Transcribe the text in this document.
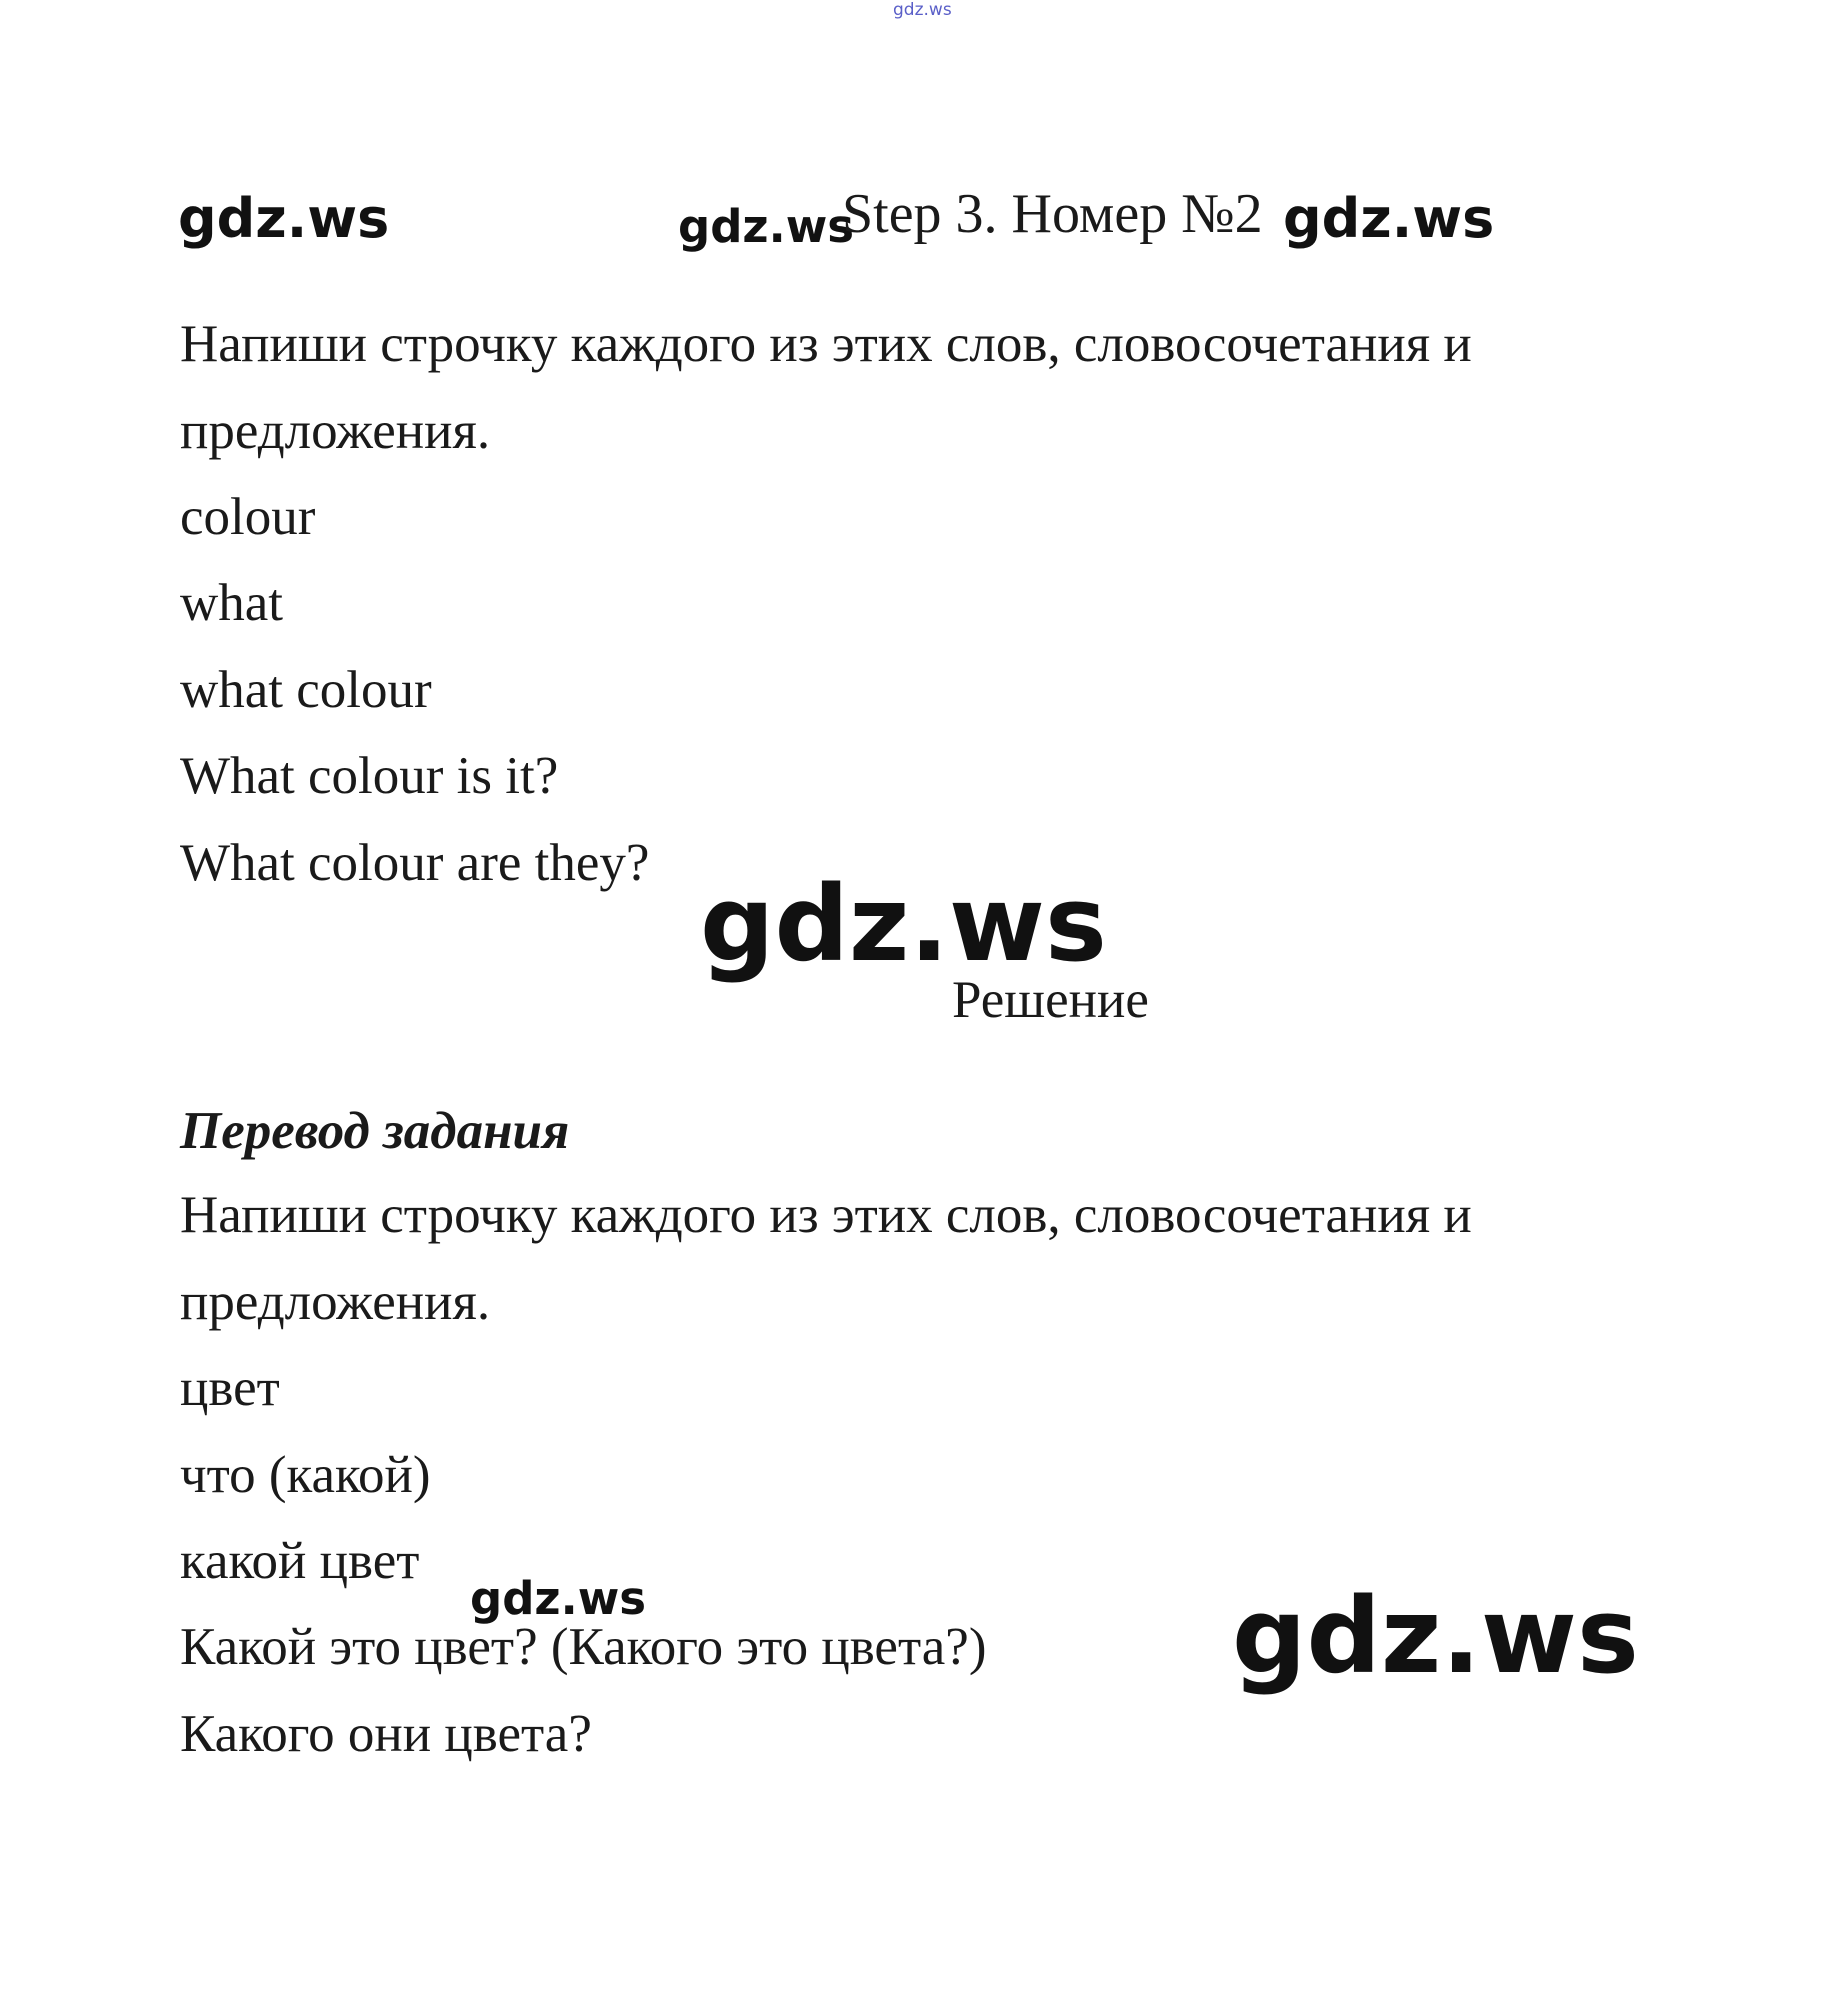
gdz.ws
gdz.ws	gdz.ws	gdz.ws
gdz.ws
gdz.ws	gdz.ws
Step 3. Номер №2
Напиши строчку каждого из этих слов, словосочетания и
предложения.
colour
what
what colour
What colour is it?
What colour are they?
Решение
Перевод задания
Напиши строчку каждого из этих слов, словосочетания и
предложения.
цвет
что (какой)
какой цвет
Какой это цвет? (Какого это цвета?)
Какого они цвета?
